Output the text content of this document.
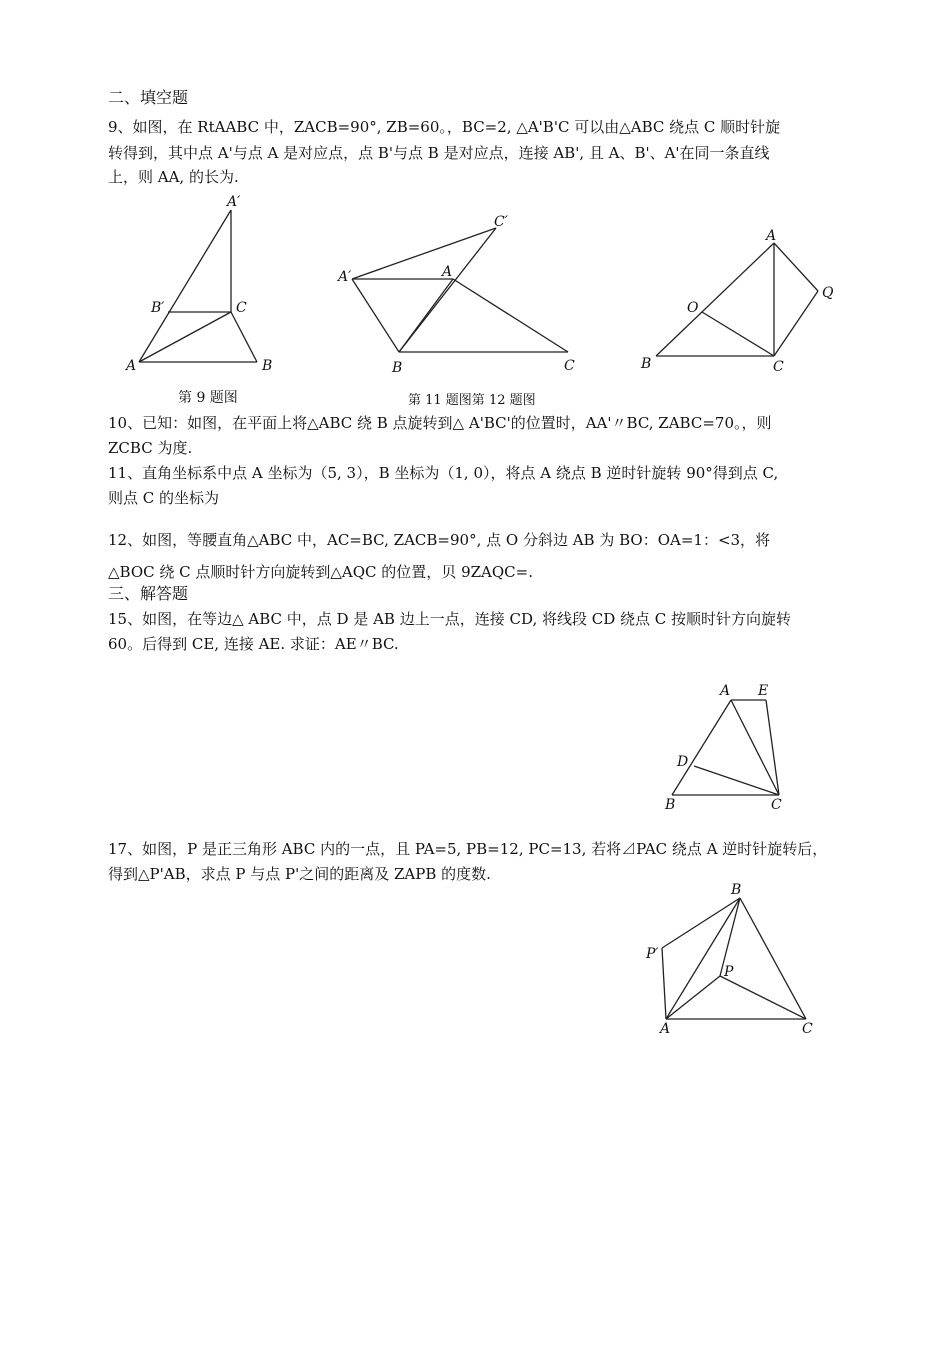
二、填空题
9、如图，在 RtAABC 中，ZACB=90°, ZB=60。，BC=2, △A'B'C 可以由△ABC 绕点 C 顺时针旋
转得到，其中点 A'与点 A 是对应点，点 B'与点 B 是对应点，连接 AB', 且 A、B'、A'在同一条直线
上，则 AA, 的长为.
A′
B′	C
A	B
C′
A′	A
B	C
A
O
Q
B	C
A E
D
B	C
B
P′
P
A	C
第 9 题图	第 11 题图第 12 题图
10、已知：如图，在平面上将△ABC 绕 B 点旋转到△ A'BC'的位置时，AA'〃BC, ZABC=70。，则
ZCBC 为度.
11、直角坐标系中点 A 坐标为（5, 3），B 坐标为（1, 0），将点 A 绕点 B 逆时针旋转 90°得到点 C,
则点 C 的坐标为
12、如图，等腰直角△ABC 中，AC=BC, ZACB=90°, 点 O 分斜边 AB 为 BO：OA=1：<3，将
△BOC 绕 C 点顺时针方向旋转到△AQC 的位置，贝 9ZAQC=.
三、解答题
15、如图，在等边△ ABC 中，点 D 是 AB 边上一点，连接 CD, 将线段 CD 绕点 C 按顺时针方向旋转
60。后得到 CE, 连接 AE. 求证：AE〃BC.
17、如图，P 是正三角形 ABC 内的一点，且 PA=5, PB=12, PC=13, 若将⊿PAC 绕点 A 逆时针旋转后，
得到△P'AB，求点 P 与点 P'之间的距离及 ZAPB 的度数.
